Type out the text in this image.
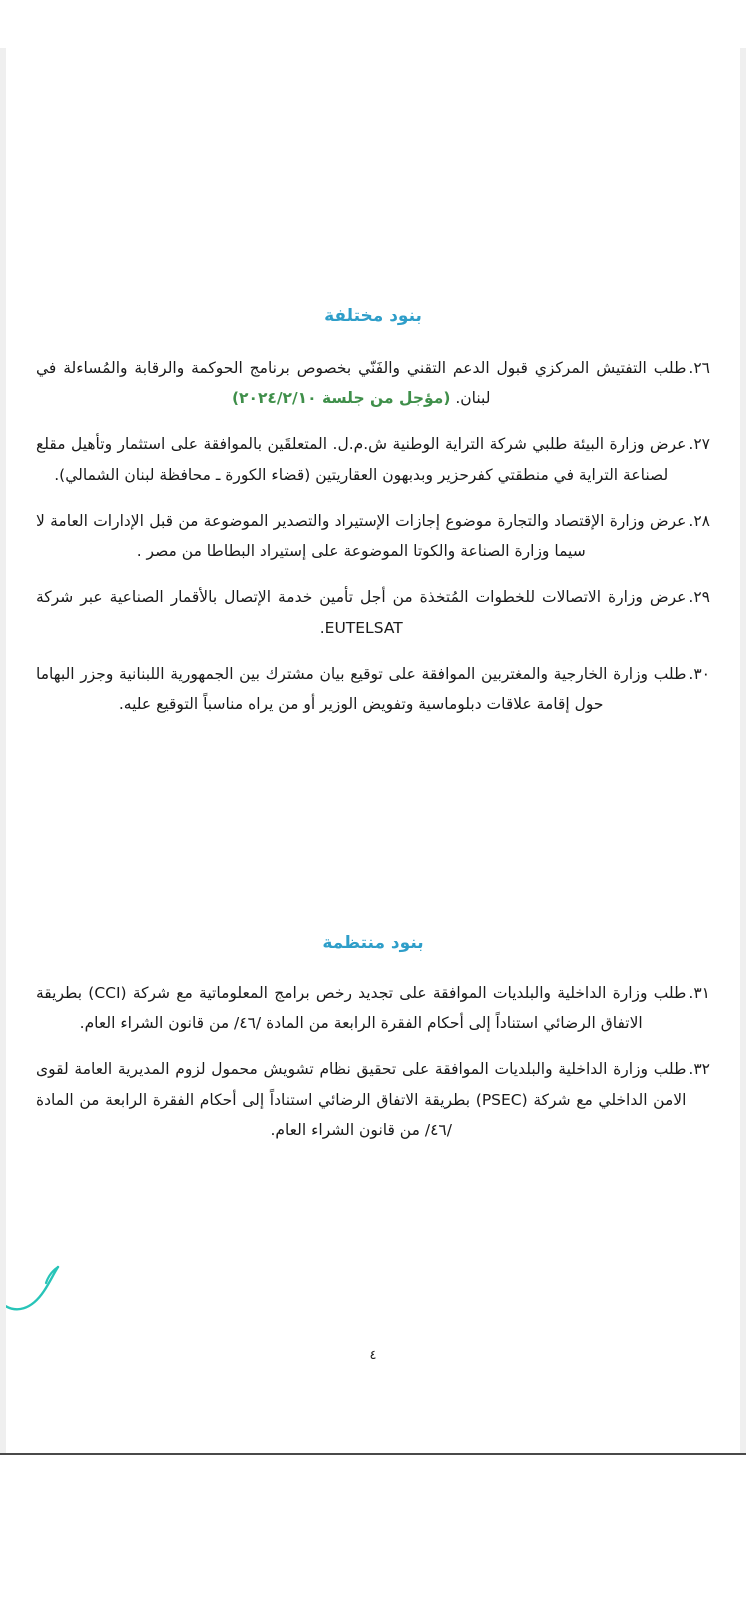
بنود مختلفة
٢٦.
طلب التفتيش المركزي قبول الدعم التقني والفَنّي بخصوص برنامج الحوكمة والرقابة والمُساءلة في لبنان. (مؤجل من جلسة ٢٠٢٤/٢/١٠)
٢٧.
عرض وزارة البيئة طلبي شركة التراية الوطنية ش.م.ل. المتعلقَين بالموافقة على استثمار وتأهيل مقلع لصناعة التراية في منطقتي كفرحزير وبدبهون العقاريتين (قضاء الكورة ـ محافظة لبنان الشمالي).
٢٨.
عرض وزارة الإقتصاد والتجارة موضوع إجازات الإستيراد والتصدير الموضوعة من قبل الإدارات العامة لا سيما وزارة الصناعة والكوتا الموضوعة على إستيراد البطاطا من مصر .
٢٩.
عرض وزارة الاتصالات للخطوات المُتخذة من أجل تأمين خدمة الإتصال بالأقمار الصناعية عبر شركة EUTELSAT.
٣٠.
طلب وزارة الخارجية والمغتربين الموافقة على توقيع بيان مشترك بين الجمهورية اللبنانية وجزر البهاما حول إقامة علاقات دبلوماسية وتفويض الوزير أو من يراه مناسباً التوقيع عليه.
بنود منتظمة
٣١.
طلب وزارة الداخلية والبلديات الموافقة على تجديد رخص برامج المعلوماتية مع شركة (CCI) بطريقة الاتفاق الرضائي استناداً إلى أحكام الفقرة الرابعة من المادة /٤٦/ من قانون الشراء العام.
٣٢.
طلب وزارة الداخلية والبلديات الموافقة على تحقيق نظام تشويش محمول لزوم المديرية العامة لقوى الامن الداخلي مع شركة (PSEC) بطريقة الاتفاق الرضائي استناداً إلى أحكام الفقرة الرابعة من المادة /٤٦/ من قانون الشراء العام.
٤
